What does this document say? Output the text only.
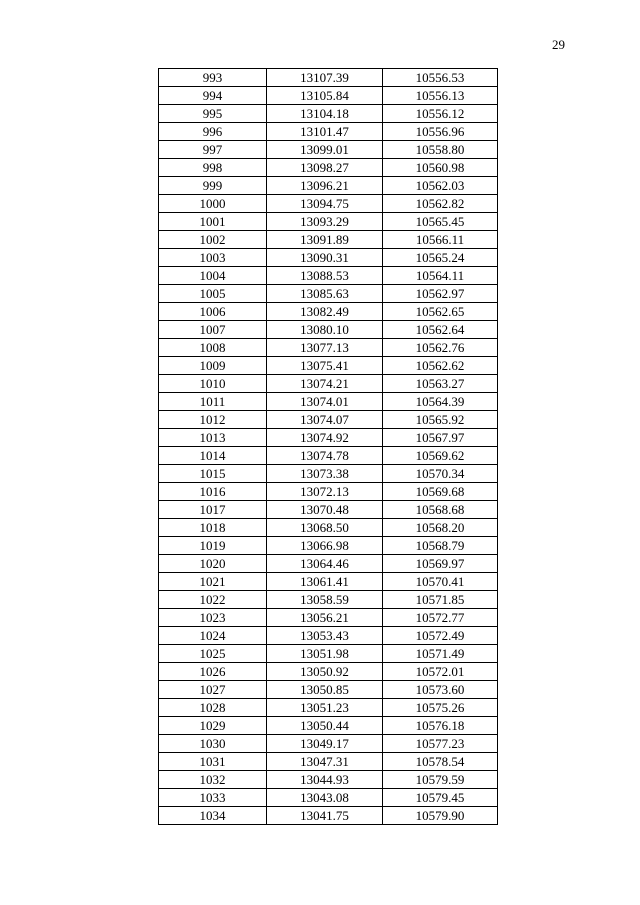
29
993	13107.39	10556.53
994	13105.84	10556.13
995	13104.18	10556.12
996	13101.47	10556.96
997	13099.01	10558.80
998	13098.27	10560.98
999	13096.21	10562.03
1000	13094.75	10562.82
1001	13093.29	10565.45
1002	13091.89	10566.11
1003	13090.31	10565.24
1004	13088.53	10564.11
1005	13085.63	10562.97
1006	13082.49	10562.65
1007	13080.10	10562.64
1008	13077.13	10562.76
1009	13075.41	10562.62
1010	13074.21	10563.27
1011	13074.01	10564.39
1012	13074.07	10565.92
1013	13074.92	10567.97
1014	13074.78	10569.62
1015	13073.38	10570.34
1016	13072.13	10569.68
1017	13070.48	10568.68
1018	13068.50	10568.20
1019	13066.98	10568.79
1020	13064.46	10569.97
1021	13061.41	10570.41
1022	13058.59	10571.85
1023	13056.21	10572.77
1024	13053.43	10572.49
1025	13051.98	10571.49
1026	13050.92	10572.01
1027	13050.85	10573.60
1028	13051.23	10575.26
1029	13050.44	10576.18
1030	13049.17	10577.23
1031	13047.31	10578.54
1032	13044.93	10579.59
1033	13043.08	10579.45
1034	13041.75	10579.90
